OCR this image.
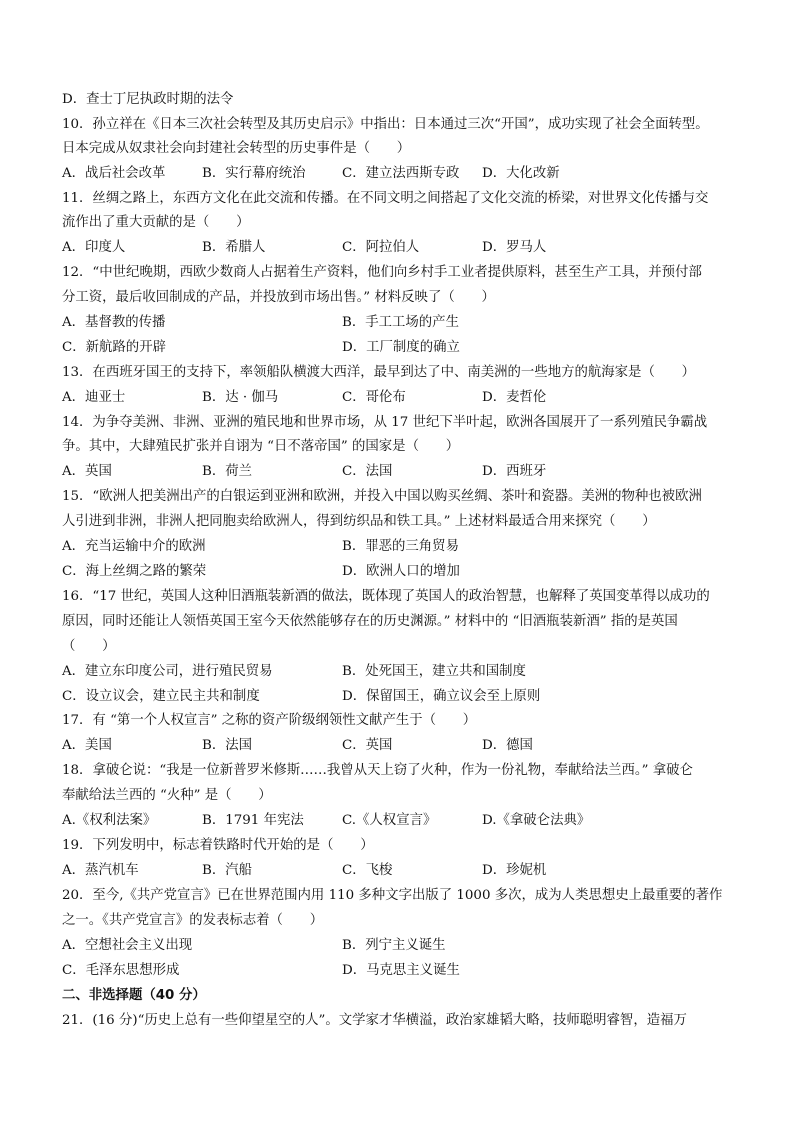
D．查士丁尼执政时期的法令
10．孙立祥在《日本三次社会转型及其历史启示》中指出：日本通过三次“开国”，成功实现了社会全面转型。
日本完成从奴隶社会向封建社会转型的历史事件是（　　）
A．战后社会改革	B．实行幕府统治	C．建立法西斯专政 D．大化改新
11．丝绸之路上，东西方文化在此交流和传播。在不同文明之间搭起了文化交流的桥梁，对世界文化传播与交
流作出了重大贡献的是（　　）
A．印度人	B．希腊人	C．阿拉伯人	D．罗马人
12．“中世纪晚期，西欧少数商人占据着生产资料，他们向乡村手工业者提供原料，甚至生产工具，并预付部
分工资，最后收回制成的产品，并投放到市场出售。” 材料反映了（　　）
A．基督教的传播	B．手工工场的产生
C．新航路的开辟	D．工厂制度的确立
13．在西班牙国王的支持下，率领船队横渡大西洋，最早到达了中、南美洲的一些地方的航海家是（　　）
A．迪亚士	B．达 · 伽马	C．哥伦布	D．麦哲伦
14．为争夺美洲、非洲、亚洲的殖民地和世界市场，从 17 世纪下半叶起，欧洲各国展开了一系列殖民争霸战
争。其中，大肆殖民扩张并自诩为 “日不落帝国” 的国家是（　　）
A．英国	B．荷兰	C．法国	D．西班牙
15．“欧洲人把美洲出产的白银运到亚洲和欧洲，并投入中国以购买丝绸、茶叶和瓷器。美洲的物种也被欧洲
人引进到非洲，非洲人把同胞卖给欧洲人，得到纺织品和铁工具。” 上述材料最适合用来探究（　　）
A．充当运输中介的欧洲	B．罪恶的三角贸易
C．海上丝绸之路的繁荣	D．欧洲人口的增加
16．“17 世纪，英国人这种旧酒瓶装新酒的做法，既体现了英国人的政治智慧，也解释了英国变革得以成功的
原因，同时还能让人领悟英国王室今天依然能够存在的历史渊源。” 材料中的 “旧酒瓶装新酒” 指的是英国
（　　）
A．建立东印度公司，进行殖民贸易	B．处死国王，建立共和国制度
C．设立议会，建立民主共和制度	D．保留国王，确立议会至上原则
17．有 “第一个人权宣言” 之称的资产阶级纲领性文献产生于（　　）
A．美国	B．法国	C．英国	D．德国
18．拿破仑说：“我是一位新普罗米修斯……我曾从天上窃了火种，作为一份礼物，奉献给法兰西。” 拿破仑
奉献给法兰西的 “火种” 是（　　）
A.《权利法案》	B．1791 年宪法	C.《人权宣言》	D.《拿破仑法典》
19．下列发明中，标志着铁路时代开始的是（　　）
A．蒸汽机车	B．汽船	C．飞梭	D．珍妮机
20．至今,《共产党宣言》已在世界范围内用 110 多种文字出版了 1000 多次，成为人类思想史上最重要的著作
之一。《共产党宣言》的发表标志着（　　）
A．空想社会主义出现	B．列宁主义诞生
C．毛泽东思想形成	D．马克思主义诞生
二、非选择题（40 分）
21．(16 分)“历史上总有一些仰望星空的人”。文学家才华横溢，政治家雄韬大略，技师聪明睿智，造福万
